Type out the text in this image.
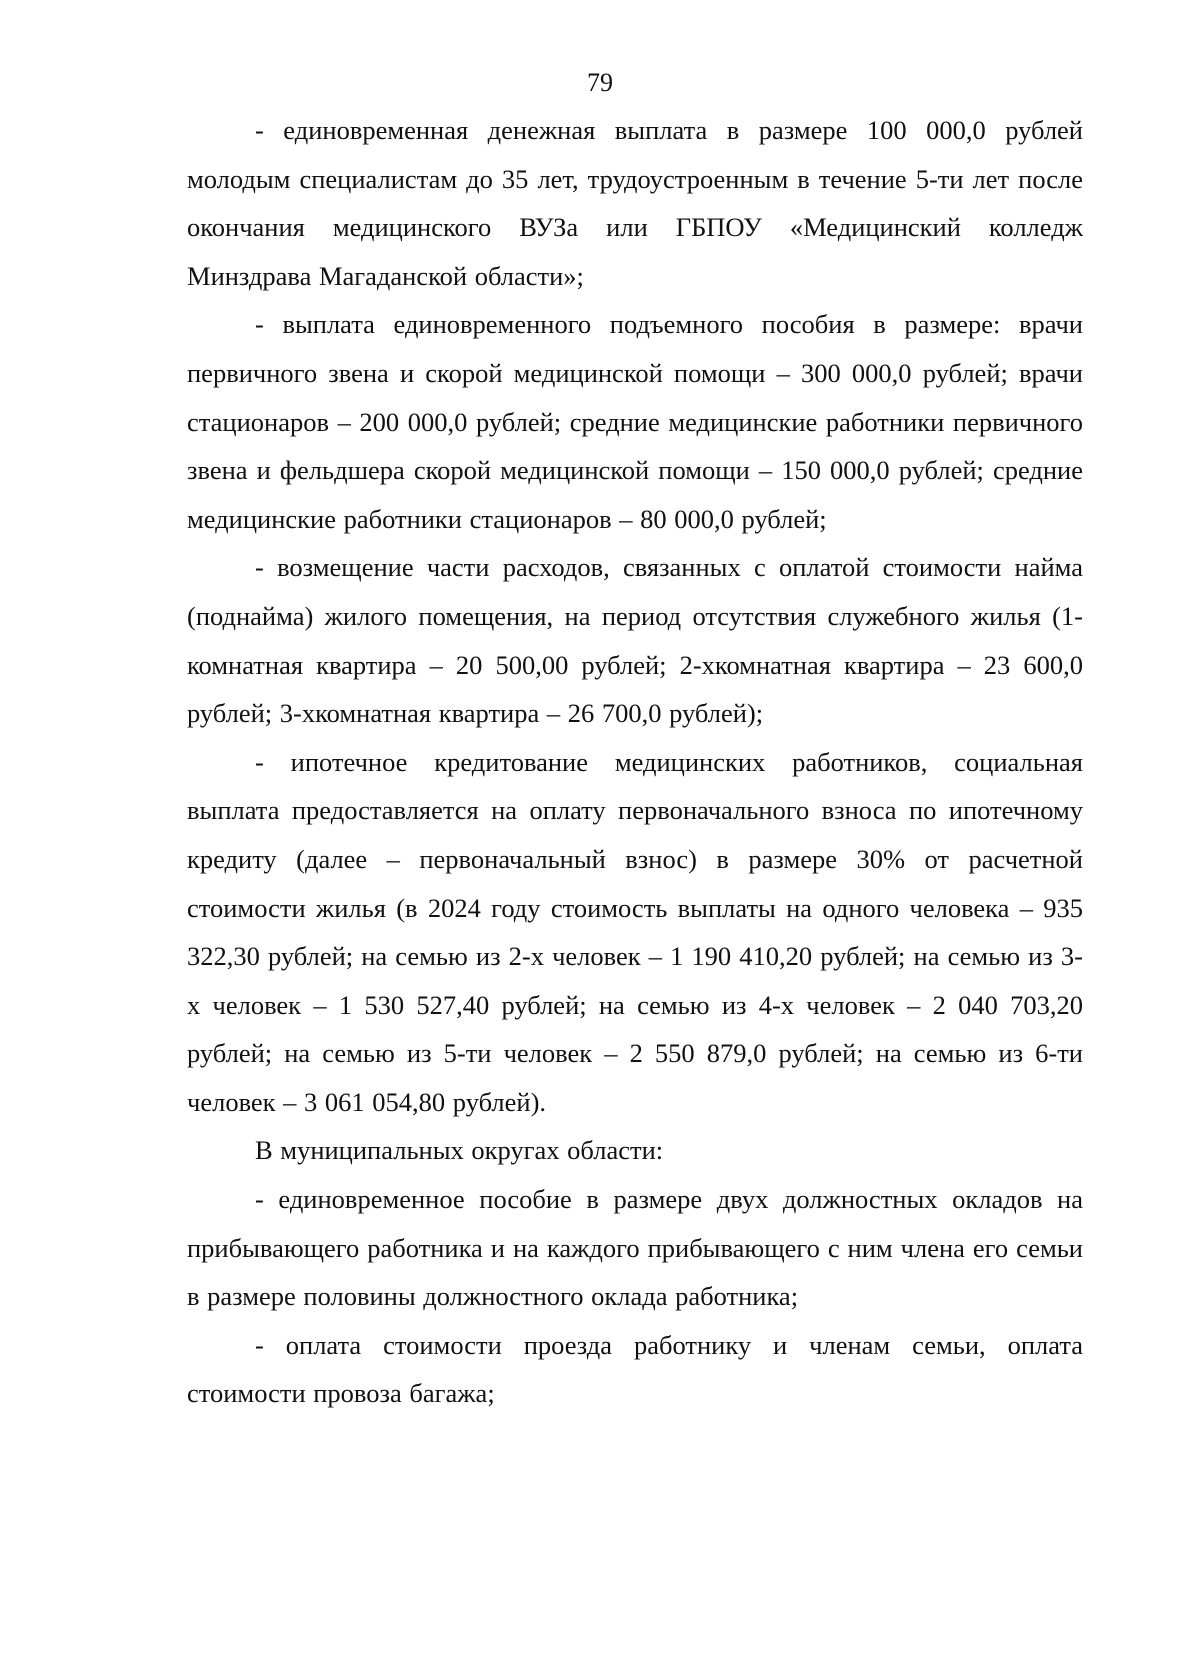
79

- единовременная денежная выплата в размере 100 000,0 рублей молодым специалистам до 35 лет, трудоустроенным в течение 5-ти лет после окончания медицинского ВУЗа или ГБПОУ «Медицинский колледж Минздрава Магаданской области»;

- выплата единовременного подъемного пособия в размере: врачи первичного звена и скорой медицинской помощи – 300 000,0 рублей; врачи стационаров – 200 000,0 рублей; средние медицинские работники первичного звена и фельдшера скорой медицинской помощи – 150 000,0 рублей; средние медицинские работники стационаров – 80 000,0 рублей;

- возмещение части расходов, связанных с оплатой стоимости найма (поднайма) жилого помещения, на период отсутствия служебного жилья (1-комнатная квартира – 20 500,00 рублей; 2-хкомнатная квартира – 23 600,0 рублей; 3-хкомнатная квартира – 26 700,0 рублей);

- ипотечное кредитование медицинских работников, социальная выплата предоставляется на оплату первоначального взноса по ипотечному кредиту (далее – первоначальный взнос) в размере 30% от расчетной стоимости жилья (в 2024 году стоимость выплаты на одного человека – 935 322,30 рублей; на семью из 2-х человек – 1 190 410,20 рублей; на семью из 3-х человек – 1 530 527,40 рублей; на семью из 4-х человек – 2 040 703,20 рублей; на семью из 5-ти человек – 2 550 879,0 рублей; на семью из 6-ти человек – 3 061 054,80 рублей).

В муниципальных округах области:

- единовременное пособие в размере двух должностных окладов на прибывающего работника и на каждого прибывающего с ним члена его семьи в размере половины должностного оклада работника;

- оплата стоимости проезда работнику и членам семьи, оплата стоимости провоза багажа;
